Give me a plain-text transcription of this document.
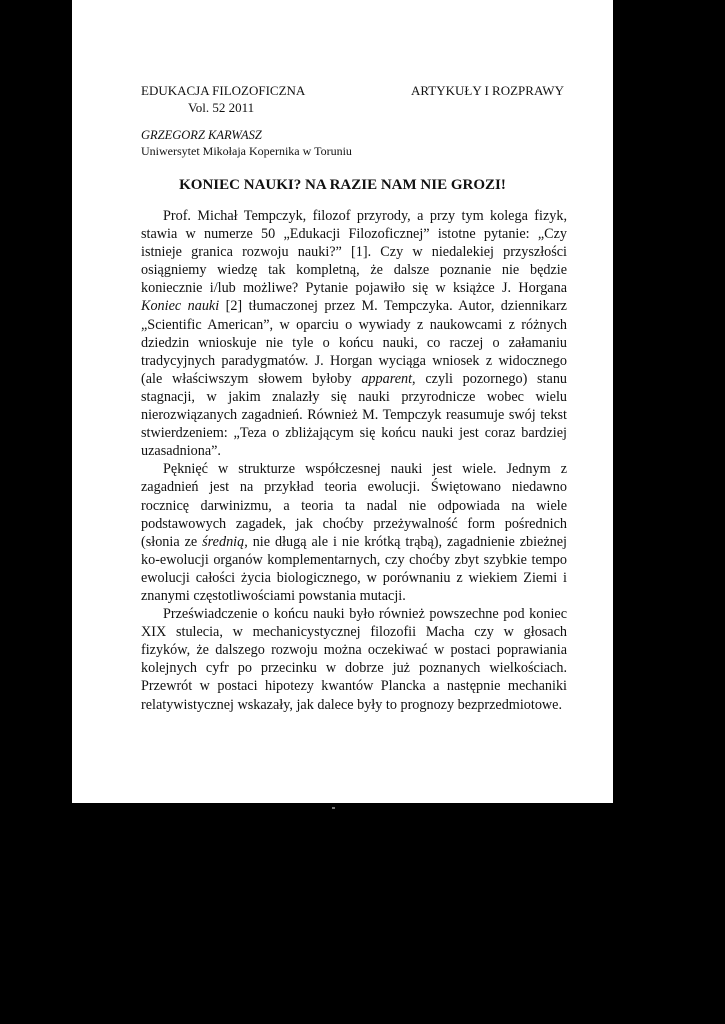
EDUKACJA FILOZOFICZNA
Vol. 52 2011
ARTYKUŁY I ROZPRAWY
GRZEGORZ KARWASZ
Uniwersytet Mikołaja Kopernika w Toruniu
KONIEC NAUKI? NA RAZIE NAM NIE GROZI!

Prof. Michał Tempczyk, filozof przyrody, a przy tym kolega fizyk, stawia w numerze 50 „Edukacji Filozoficznej” istotne pytanie: „Czy istnieje granica rozwoju nauki?” [1]. Czy w niedalekiej przyszłości osiągniemy wiedzę tak kompletną, że dalsze poznanie nie będzie koniecznie i/lub możliwe? Pytanie pojawiło się w książce J. Horgana Koniec nauki [2] tłumaczonej przez M. Tempczyka. Autor, dziennikarz „Scientific American”, w oparciu o wywiady z naukowcami z różnych dziedzin wnioskuje nie tyle o końcu nauki, co raczej o załamaniu tradycyjnych paradygmatów. J. Horgan wyciąga wniosek z widocznego (ale właściwszym słowem byłoby apparent, czyli pozornego) stanu stagnacji, w jakim znalazły się nauki przyrodnicze wobec wielu nierozwiązanych zagadnień. Również M. Tempczyk reasumuje swój tekst stwierdzeniem: „Teza o zbliżającym się końcu nauki jest coraz bardziej uzasadniona”.

Pęknięć w strukturze współczesnej nauki jest wiele. Jednym z zagadnień jest na przykład teoria ewolucji. Świętowano niedawno rocznicę darwinizmu, a teoria ta nadal nie odpowiada na wiele podstawowych zagadek, jak choćby przeżywalność form pośrednich (słonia ze średnią, nie długą ale i nie krótką trąbą), zagadnienie zbieżnej ko-ewolucji organów komplementarnych, czy choćby zbyt szybkie tempo ewolucji całości życia biologicznego, w porównaniu z wiekiem Ziemi i znanymi częstotliwościami powstania mutacji.

Przeświadczenie o końcu nauki było również powszechne pod koniec XIX stulecia, w mechanicystycznej filozofii Macha czy w głosach fizyków, że dalszego rozwoju można oczekiwać w postaci poprawiania kolejnych cyfr po przecinku w dobrze już poznanych wielkościach. Przewrót w postaci hipotezy kwantów Plancka a następnie mechaniki relatywistycznej wskazały, jak dalece były to prognozy bezprzedmiotowe.
